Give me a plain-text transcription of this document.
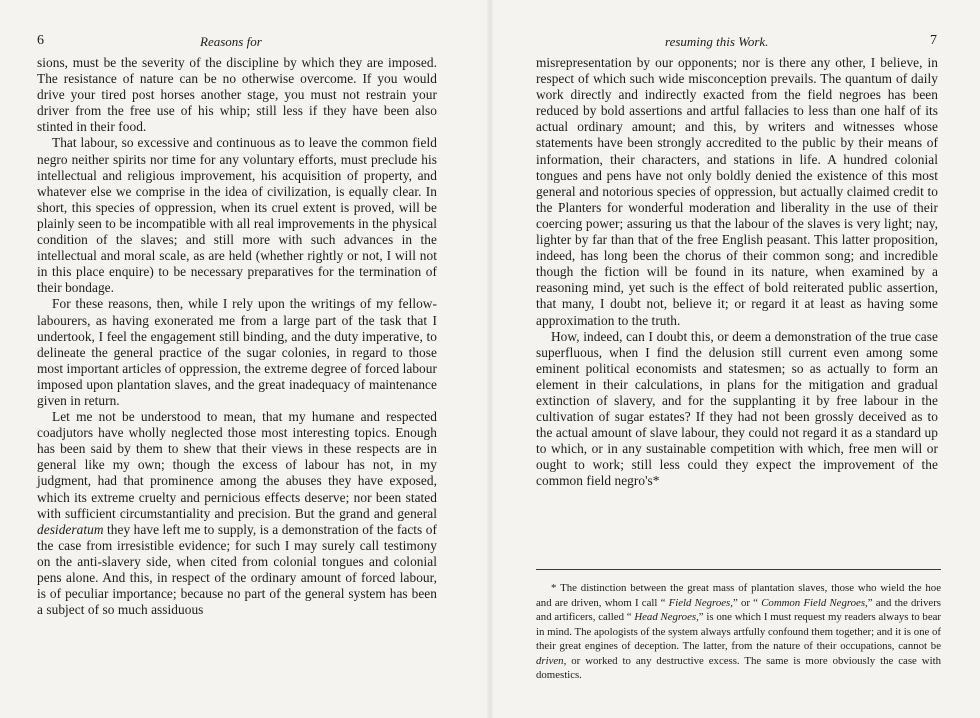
6	Reasons for

sions, must be the severity of the discipline by which they are imposed. The resistance of nature can be no otherwise overcome. If you would drive your tired post horses another stage, you must not restrain your driver from the free use of his whip; still less if they have been also stinted in their food.

That labour, so excessive and continuous as to leave the common field negro neither spirits nor time for any voluntary efforts, must preclude his intellectual and religious improvement, his acquisition of property, and whatever else we comprise in the idea of civilization, is equally clear. In short, this species of oppression, when its cruel extent is proved, will be plainly seen to be incompatible with all real improvements in the physical condition of the slaves; and still more with such advances in the intellectual and moral scale, as are held (whether rightly or not, I will not in this place enquire) to be necessary preparatives for the termination of their bondage.

For these reasons, then, while I rely upon the writings of my fellow-labourers, as having exonerated me from a large part of the task that I undertook, I feel the engagement still binding, and the duty imperative, to delineate the general practice of the sugar colonies, in regard to those most important articles of oppression, the extreme degree of forced labour imposed upon plantation slaves, and the great inadequacy of maintenance given in return.

Let me not be understood to mean, that my humane and respected coadjutors have wholly neglected those most interesting topics. Enough has been said by them to shew that their views in these respects are in general like my own; though the excess of labour has not, in my judgment, had that prominence among the abuses they have exposed, which its extreme cruelty and pernicious effects deserve; nor been stated with sufficient circumstantiality and precision. But the grand and general desideratum they have left me to supply, is a demonstration of the facts of the case from irresistible evidence; for such I may surely call testimony on the anti-slavery side, when cited from colonial tongues and colonial pens alone. And this, in respect of the ordinary amount of forced labour, is of peculiar importance; because no part of the general system has been a subject of so much assiduous

resuming this Work.	7

misrepresentation by our opponents; nor is there any other, I believe, in respect of which such wide misconception prevails. The quantum of daily work directly and indirectly exacted from the field negroes has been reduced by bold assertions and artful fallacies to less than one half of its actual ordinary amount; and this, by writers and witnesses whose statements have been strongly accredited to the public by their means of information, their characters, and stations in life. A hundred colonial tongues and pens have not only boldly denied the existence of this most general and notorious species of oppression, but actually claimed credit to the Planters for wonderful moderation and liberality in the use of their coercing power; assuring us that the labour of the slaves is very light; nay, lighter by far than that of the free English peasant. This latter proposition, indeed, has long been the chorus of their common song; and incredible though the fiction will be found in its nature, when examined by a reasoning mind, yet such is the effect of bold reiterated public assertion, that many, I doubt not, believe it; or regard it at least as having some approximation to the truth.

How, indeed, can I doubt this, or deem a demonstration of the true case superfluous, when I find the delusion still current even among some eminent political economists and statesmen; so as actually to form an element in their calculations, in plans for the mitigation and gradual extinction of slavery, and for the supplanting it by free labour in the cultivation of sugar estates? If they had not been grossly deceived as to the actual amount of slave labour, they could not regard it as a standard up to which, or in any sustainable competition with which, free men will or ought to work; still less could they expect the improvement of the common field negro's*

* The distinction between the great mass of plantation slaves, those who wield the hoe and are driven, whom I call “ Field Negroes,” or “ Common Field Negroes,” and the drivers and artificers, called “ Head Negroes,” is one which I must request my readers always to bear in mind. The apologists of the system always artfully confound them together; and it is one of their great engines of deception. The latter, from the nature of their occupations, cannot be driven, or worked to any destructive excess. The same is more obviously the case with domestics.
